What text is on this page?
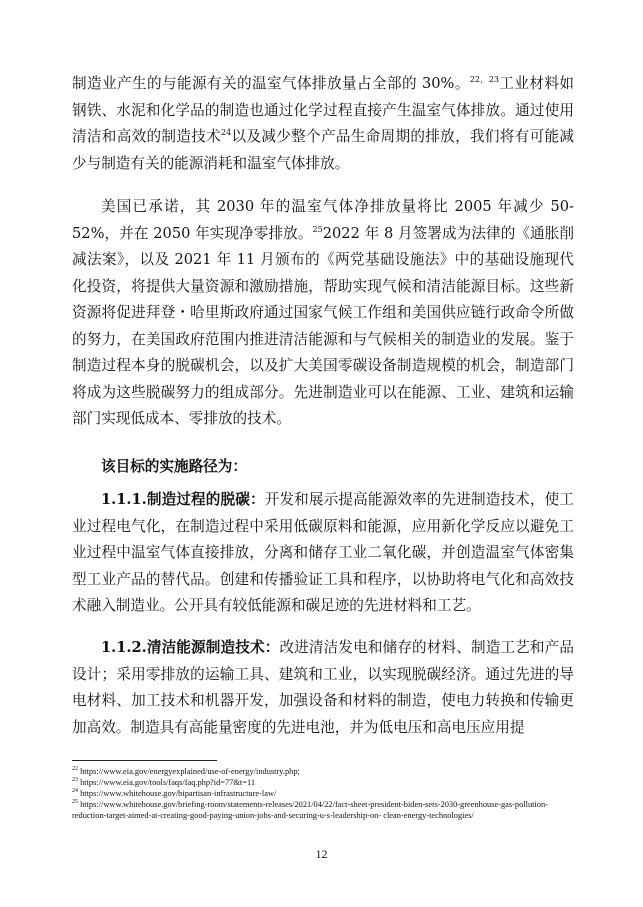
制造业产生的与能源有关的温室气体排放量占全部的 30%。$^{22,23}$工业材料如钢铁、水泥和化学品的制造也通过化学过程直接产生温室气体排放。通过使用清洁和高效的制造技术$^{24}$以及减少整个产品生命周期的排放，我们将有可能减少与制造有关的能源消耗和温室气体排放。

美国已承诺，其 2030 年的温室气体净排放量将比 2005 年减少 50-52%，并在 2050 年实现净零排放。$^{25}$2022 年 8 月签署成为法律的《通胀削减法案》，以及 2021 年 11 月颁布的《两党基础设施法》中的基础设施现代化投资，将提供大量资源和激励措施，帮助实现气候和清洁能源目标。这些新资源将促进拜登・哈里斯政府通过国家气候工作组和美国供应链行政命令所做的努力，在美国政府范围内推进清洁能源和与气候相关的制造业的发展。鉴于制造过程本身的脱碳机会，以及扩大美国零碳设备制造规模的机会，制造部门将成为这些脱碳努力的组成部分。先进制造业可以在能源、工业、建筑和运输部门实现低成本、零排放的技术。

该目标的实施路径为：

1.1.1.制造过程的脱碳：开发和展示提高能源效率的先进制造技术，使工业过程电气化，在制造过程中采用低碳原料和能源，应用新化学反应以避免工业过程中温室气体直接排放，分离和储存工业二氧化碳，并创造温室气体密集型工业产品的替代品。创建和传播验证工具和程序，以协助将电气化和高效技术融入制造业。公开具有较低能源和碳足迹的先进材料和工艺。

1.1.2.清洁能源制造技术：改进清洁发电和储存的材料、制造工艺和产品设计；采用零排放的运输工具、建筑和工业，以实现脱碳经济。通过先进的导电材料、加工技术和机器开发，加强设备和材料的制造，使电力转换和传输更加高效。制造具有高能量密度的先进电池，并为低电压和高电压应用提

$^{22}$ https://www.eia.gov/energyexplained/use-of-energy/industry.php;

$^{23}$ https://www.eia.gov/tools/faqs/faq.php?id=77&t=11

$^{24}$ https://www.whitehouse.gov/bipartisan-infrastructure-law/

$^{25}$ https://www.whitehouse.gov/briefing-room/statements-releases/2021/04/22/fact-sheet-president-biden-sets-2030-greenhouse-gas-pollution-reduction-target-aimed-at-creating-good-paying-union-jobs-and-securing-u-s-leadership-on- clean-energy-technologies/

12
